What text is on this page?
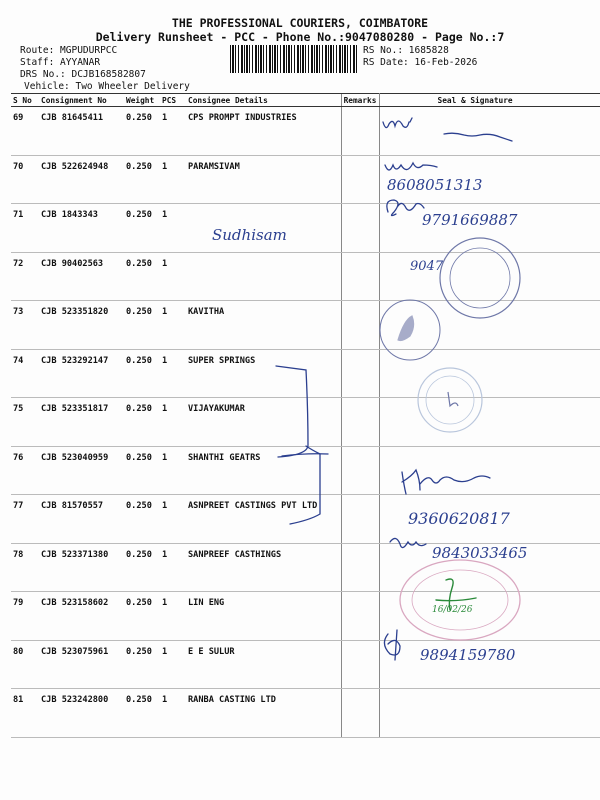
THE PROFESSIONAL COURIERS, COIMBATORE
Delivery Runsheet - PCC - Phone No.:9047080280 - Page No.:7
Route: MGPUDURPCC
Staff: AYYANAR
DRS No.: DCJB168582807
Vehicle: Two Wheeler Delivery
RS No.: 1685828
RS Date: 16-Feb-2026
S No	Consignment No	Weight	PCS	Consignee Details	Remarks	Seal & Signature
69	CJB 81645411	0.250	1	CPS PROMPT INDUSTRIES		
70	CJB 522624948	0.250	1	PARAMSIVAM		
71	CJB 1843343	0.250	1			
72	CJB 90402563	0.250	1			
73	CJB 523351820	0.250	1	KAVITHA		
74	CJB 523292147	0.250	1	SUPER SPRINGS		
75	CJB 523351817	0.250	1	VIJAYAKUMAR		
76	CJB 523040959	0.250	1	SHANTHI GEATRS		
77	CJB 81570557	0.250	1	ASNPREET CASTINGS PVT LTD		
78	CJB 523371380	0.250	1	SANPREEF CASTHINGS		
79	CJB 523158602	0.250	1	LIN ENG		
80	CJB 523075961	0.250	1	E E SULUR		
81	CJB 523242800	0.250	1	RANBA CASTING LTD		
8608051313
Sudhisam
9791669887
9047
9360620817
9843033465
9894159780
16/02/26
